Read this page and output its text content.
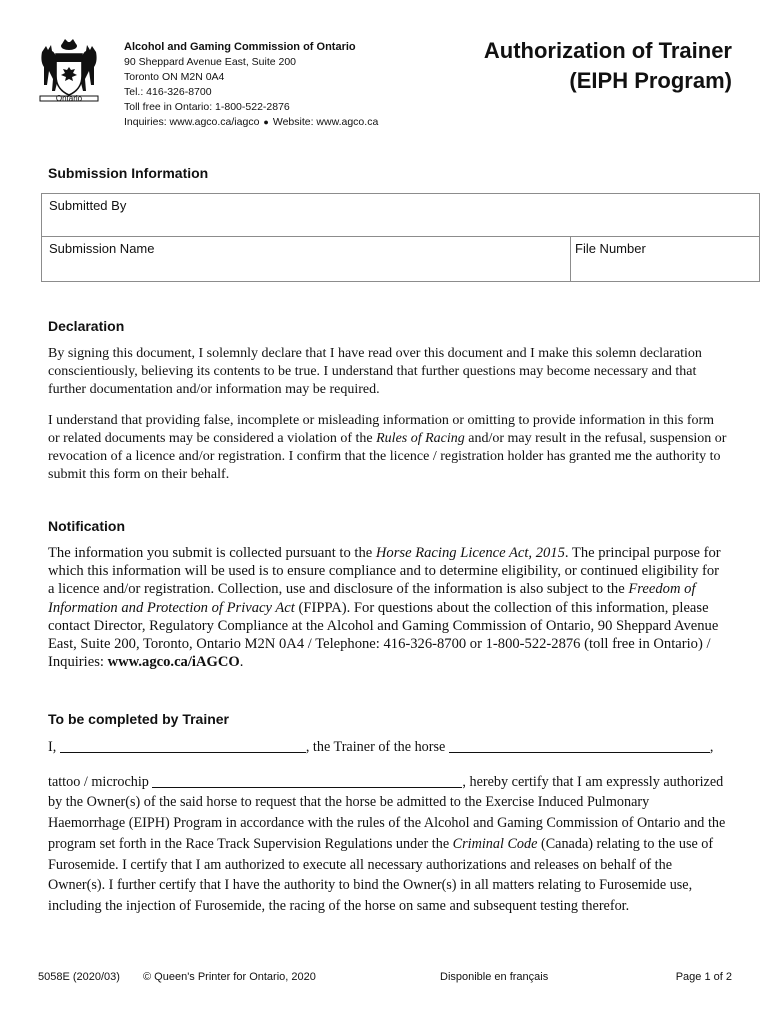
Ontario
Alcohol and Gaming Commission of Ontario
90 Sheppard Avenue East, Suite 200
Toronto ON M2N 0A4
Tel.: 416-326-8700
Toll free in Ontario: 1-800-522-2876
Inquiries: www.agco.ca/iagco ● Website: www.agco.ca
Authorization of Trainer
(EIPH Program)
Submission Information
Submitted By
Submission Name	File Number
Declaration

By signing this document, I solemnly declare that I have read over this document and I make this solemn declaration conscientiously, believing its contents to be true. I understand that further questions may become necessary and that further documentation and/or information may be required.

I understand that providing false, incomplete or misleading information or omitting to provide information in this form or related documents may be considered a violation of the Rules of Racing and/or may result in the refusal, suspension or revocation of a licence and/or registration. I confirm that the licence / registration holder has granted me the authority to submit this form on their behalf.

Notification

The information you submit is collected pursuant to the Horse Racing Licence Act, 2015. The principal purpose for which this information will be used is to ensure compliance and to determine eligibility, or continued eligibility for a licence and/or registration. Collection, use and disclosure of the information is also subject to the Freedom of Information and Protection of Privacy Act (FIPPA). For questions about the collection of this information, please contact Director, Regulatory Compliance at the Alcohol and Gaming Commission of Ontario, 90 Sheppard Avenue East, Suite 200, Toronto, Ontario M2N 0A4 / Telephone: 416-326-8700 or 1-800-522-2876 (toll free in Ontario) / Inquiries: www.agco.ca/iAGCO.

To be completed by Trainer

I,	, the Trainer of the horse	,

tattoo / microchip	, hereby certify that I am expressly authorized by the Owner(s) of the said horse to request that the horse be admitted to the Exercise Induced Pulmonary Haemorrhage (EIPH) Program in accordance with the rules of the Alcohol and Gaming Commission of Ontario and the program set forth in the Race Track Supervision Regulations under the Criminal Code (Canada) relating to the use of Furosemide. I certify that I am authorized to execute all necessary authorizations and releases on behalf of the Owner(s). I further certify that I have the authority to bind the Owner(s) in all matters relating to Furosemide use, including the injection of Furosemide, the racing of the horse on same and subsequent testing therefor.

5058E (2020/03) © Queen's Printer for Ontario, 2020	Disponible en français	Page 1 of 2
